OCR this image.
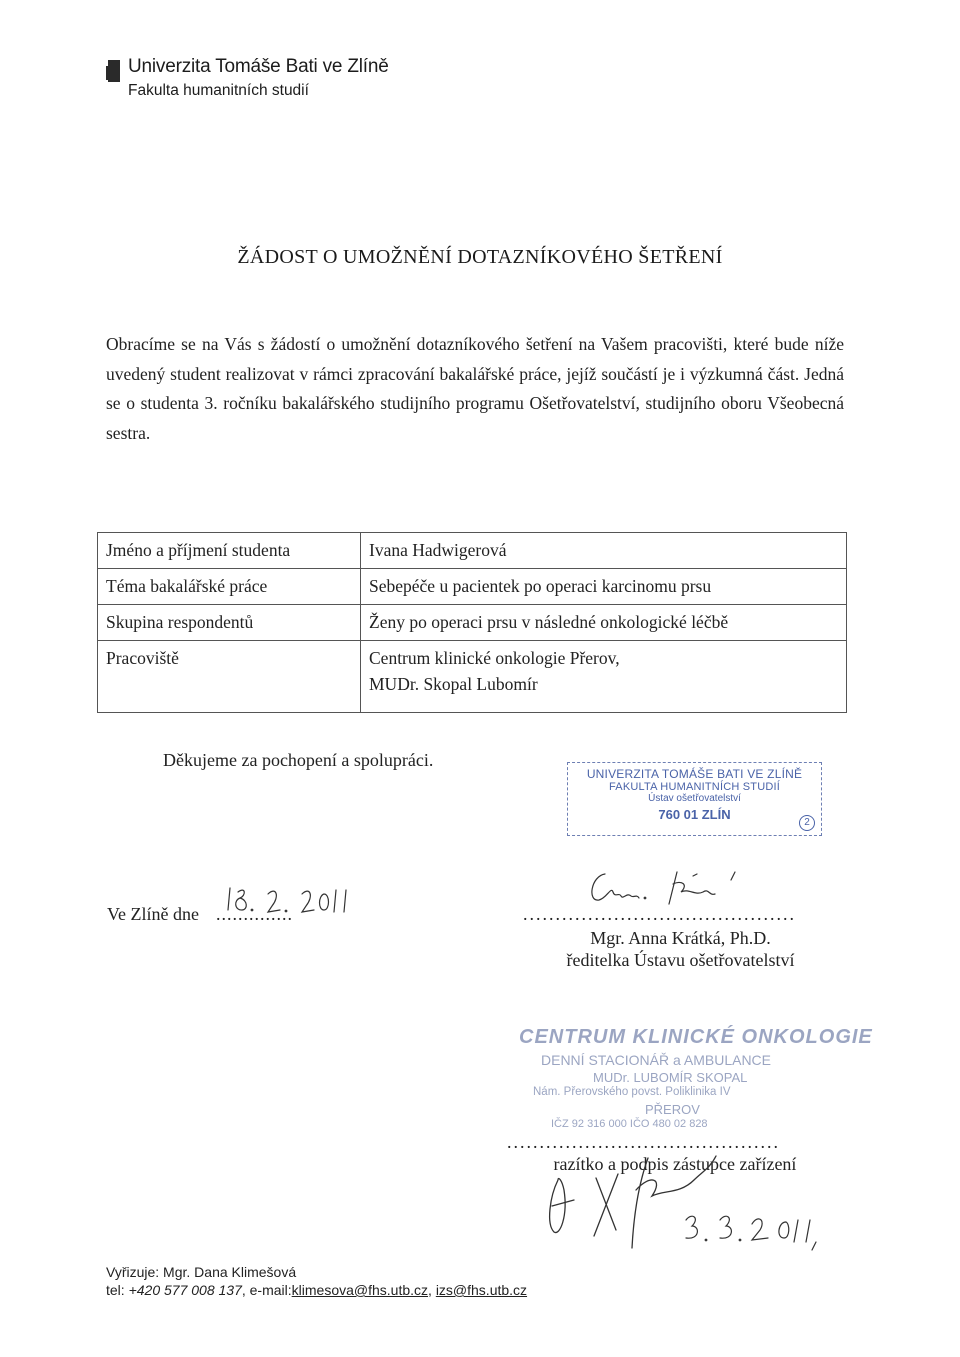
Univerzita Tomáše Bati ve Zlíně
Fakulta humanitních studií
ŽÁDOST O UMOŽNĚNÍ DOTAZNÍKOVÉHO ŠETŘENÍ
Obracíme se na Vás s žádostí o umožnění dotazníkového šetření na Vašem pracovišti, které bude níže uvedený student realizovat v rámci zpracování bakalářské práce, jejíž součástí je i výzkumná část. Jedná se o studenta 3. ročníku bakalářského studijního programu Ošetřovatelství, studijního oboru Všeobecná sestra.
Jméno a příjmení studenta	Ivana Hadwigerová
Téma bakalářské práce	Sebepéče u pacientek po operaci karcinomu prsu
Skupina respondentů	Ženy po operaci prsu v následné onkologické léčbě
Pracoviště	Centrum klinické onkologie Přerov,
MUDr. Skopal Lubomír
Děkujeme za pochopení a spolupráci.
UNIVERZITA TOMÁŠE BATI VE ZLÍNĚ
FAKULTA HUMANITNÍCH STUDIÍ
Ústav ošetřovatelství
760 01 ZLÍN
2
Ve Zlíně dne ..............	..........................................
Mgr. Anna Krátká, Ph.D.
ředitelka Ústavu ošetřovatelství
CENTRUM KLINICKÉ ONKOLOGIE
DENNÍ STACIONÁŘ a AMBULANCE
MUDr. LUBOMÍR SKOPAL
Nám. Přerovského povst. Poliklinika IV
PŘEROV
IČZ 92 316 000 IČO 480 02 828
..........................................
razítko a podpis zástupce zařízení
Vyřizuje: Mgr. Dana Klimešová
tel: +420 577 008 137, e-mail:klimesova@fhs.utb.cz, izs@fhs.utb.cz
